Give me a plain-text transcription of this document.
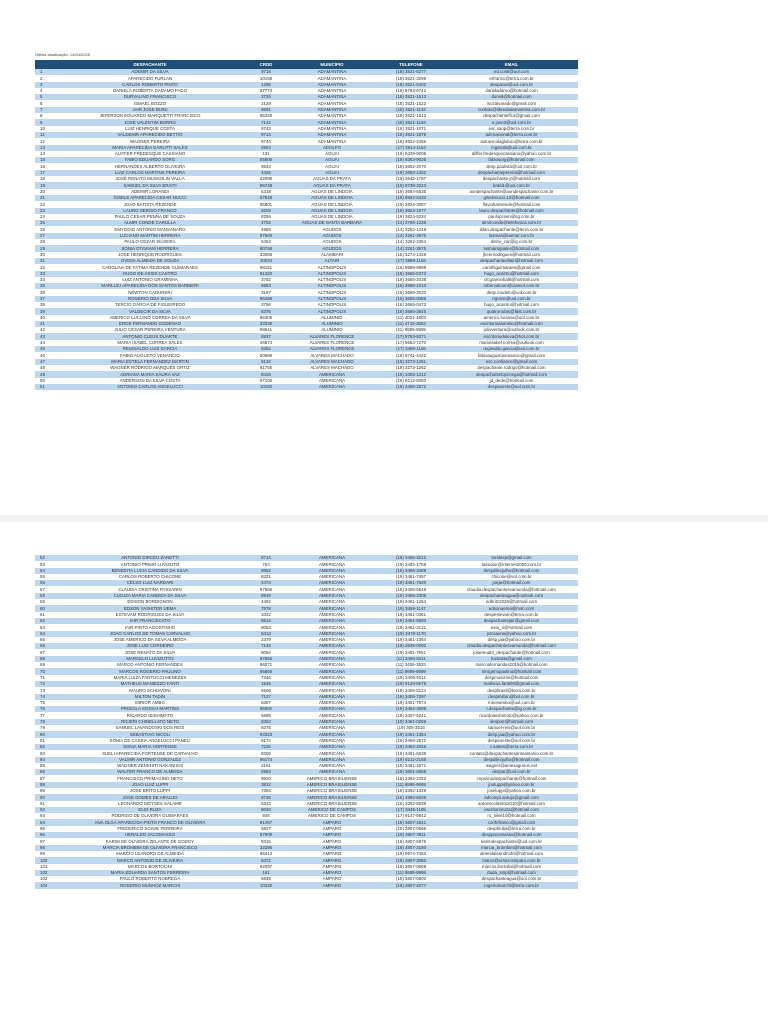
Última atualização: 14/04/2025
	DESPACHANTE	CRDD	MUNICÍPIO	TELEFONE	EMAIL
1	ADEMIR DA SILVA	9718	ADAMANTINA	(18) 3521-5277	ed.conti@uol.com
2	APARECIDO FURLAN	10158	ADAMANTINA	(18) 3521-3299	erfranco@terra.com.br
3	CARLOS ROBERTO PINTO	1286	ADAMANTINA	(18) 3521-5402	despacar@uol.com.br
4	DANIELA ROBERTA DADAMO FACO	27773	ADAMANTINA	(18) 9793-6742	danidadamo@hotmail.com
5	DURVALINO FRANCISCO	3726	ADAMANTINA	(18) 3521-1613	durval@hotmail.com
6	ISMAEL BOZZO	2128	ADAMANTINA	(18) 3521-1522	isozalvarado@gmail.com
7	JAIR JOSE BUINI	8691	ADAMANTINA	(18) 3521-1134	contato@libredadamantina.com.br
8	JEFERSON EDUARDO MARQUETTI FRANCISCO	95328	ADAMANTINA	(18) 3521-1613	despachanteffco@gmail.com
9	JOSE VALENTIM BORRO	7142	ADAMANTINA	(18) 3521-1193	e.jose3@uol.com.br
10	LUIZ HENRIQUE COSTA	8743	ADAMANTINA	(18) 3521-1071	esc.saop@terra.com.br
11	VALDENIR APARECIDO BETTIO	9714	ADAMANTINA	(18) 3521-1879	adt.nacional@terra.com.br
12	WAGNER PEREIRA	8744	ADAMANTINA	(18) 3522-2456	autoescolagloboo@terra.com.br
13	MARIA APARECIDA GARUTTI SALES	6963	ADOLFO	(17) 3814-1164	mgarutti@uol.com.br
14	ALIFFER FREDESQUE CASSIANO	131	AGUAI	(19) 9439-9006	aliffer.fredesquecassiano@yahoo.com.br
15	FABIO EDUARDO SORG	55806	AGUAI	(19) 9363-9026	fabiosorg@hotmail.com
16	HERNANDES ALBERTO OLIVEIRA	9543	AGUAI	(19) 3652-2070	desp.paulista@uol.com.br
17	LUIZ CARLOS MARTINS PEREIRA	4426	AGUAI	(19) 3652-1392	despachantepereira@hotmail.com
18	JOSÉ RENATO MUSSOLIN VALLA	22098	AGUAS DA PRATA	(19) 3642-1797	despachante-jr@hotmail.com
19	SAMUEL DA SILVA BRAITI	96748	AGUAS DA PRATA	(19) 9738-3223	braiti1@uol.com.br
20	ADEMIR LORANDI	5318	AGUAS DE LINDOIA	(19) 3684-6535	aondespachante@aondespachante.com.br
21	GISELE APARECIDA CESAR NUCCI	57848	AGUAS DE LINDOIA	(19) 9842-6432	giselenucci.12@hotmail.com
22	JOAO BATISTA REZENDE	95801	AGUAS DE LINDOIA	(19) 3824-3087	flaviohansende@hotmail.com
23	LAURO SERGIO FRANCO	8209	AGUAS DE LINDOIA	(19) 3824-1577	lauro.despachante@hotmail.com
24	PAULO CESAR PENNA DE SOUZA	8294	AGUAS DE LINDOIA	(19) 3824-5234	paulopcsen@itg.com.br
25	ALMIR CONDE CARULLA	4702	AGUAS DE SANTA BARBARA	(14) 3765-1238	almirconde@telefonica.com.br
26	EMYGDIO ANTONIO MANSANARO	4969	AGUDOS	(14) 3262-1248	ildan.despachante@terra.com.br
27	LUCIANO MARTIM HERRERA	97568	AGUDOS	(14) 3261-3975	lusmar@lusmar.com.br
28	PAULO CEZAR SILVEIRA	6463	AGUDOS	(14) 3262-2354	dinho_car@ig.com.br
29	SONIA OTAVIANI HERRERA	90768	AGUDOS	(14) 3261-3975	lusmarsgualer@hotmail.com
30	JOSE HENRIQUE RODRIGUES	33088	ALAMBARI	(15) 3274-1426	jhenrirodrigues@hotmail.com
31	OVIDIA ALMEIDA DE SOUZA	10034	ALTAIR	(17) 3889-1166	despachantealtair@hotmail.com
32	CAROLINA DE FATIMA REZENDE GUIMARAES	98151	ALTINOPOLIS	(16) 9999-9999	carolfsguimaraes@gmail.com
33	HUGO DE ASSIS CASTRO	91320	ALTINOPOLIS	(16) 3665-0473	hugo_acastro@hotmail.com
34	LUIZ ANTONIO GRAMINHA	3782	ALTINOPOLIS	(16) 3665-3438	cfcgraminhaltl@hotmail.com
35	MARLUCI APARECIDA DOS SANTOS BARBIERI	6963	ALTINOPOLIS	(16) 3665-1010	robervalcom@ciamol.com.br
36	NEWTON CADURERI	3187	ALTINOPOLIS	(16) 3665-2020	desp.modelo@uol.com.br
37	ROGERIO ODA SILVA	96488	ALTINOPOLIS	(16) 3665-0085	rigrone@uol.com.br
38	TERCIO GARCIA DE FIGUEIREDO	3756	ALTINOPOLIS	(16) 3665-0473	hugo_acastro@hotmail.com
39	VALDECIR DA SILVA	8376	ALTINOPOLIS	(16) 3665-3645	quatrorodas@fast.com.br
40	AMERICO LUCIANO CORREA DA SILVA	96305	ALUMINIO	(11) 4021-4803	americo.luciano@uol.com.br
41	EROS FERNANDO GODENAO	33339	ALUMINIO	(11) 4715-3652	escritorioaluminio@hotmail.com
42	JULIO CESAR PEREIRA VENTURA	98641	ALUMINIO	(11) 9999-9999	julioventura@outlook.com.br
43	ANTONIO CLEUS DUARTE	6937	ALVARES FLORENCE	(17) 9753-9371	escritorioduleva@hot.com.br
44	MARIA ISABEL CORREA SALES	26874	ALVARES FLORENCE	(17) 9654-7270	marioisabel.correa@outlook.com
45	REGINALDO LUIZ GARCIA	8352	ALVARES FLORENCE	(17) 3486-1186	reginaldo.garcia@uol.com.br
46	FABIO AUGUSTO VENANCIO	50989	ALVARES MACHADO	(18) 9741-4422	fabioaugustovenancio@gmail.com
47	MARIA ESTELA FERNANDEZ MARTIN	9134	ALVARES MACHADO	(18) 3273-1261	esc.confiance@gmail.com
48	WAGNER RODRIGO MARQUES ORTIZ	91756	ALVARES MACHADO	(18) 3273-1262	despachante.rodrigo@hotmail.com
49	ADRIANA MARIA SAURA VAZ	8428	AMERICANA	(19) 3406-1312	despachantelopcnega@hotmail.com
50	ANDERSON DA SILVA COSTA	97106	AMERICANA	(19) 9212-6083	jd_dede@hotmail.com
51	ANTONIO CARLOS ANGELUCCI	10160	AMERICANA	(19) 3468-2572	despaoeste@uol.com.br
52	ANTONIO DIRCEU ZANETTI	8714	AMERICANA	(19) 3406-3212	toridesp@gmail.com
53	ANTONIO PRIMO LUVIZUTO	763	AMERICANA	(19) 3462-1758	taimotor@internet2000.com.br
54	BENEDITA LUCIA CANDIDO DA SILVA	8852	AMERICANA	(19) 3406-3489	despdilecjulho@hotmail.com
55	CARLOS ROBERTO CHICONE	8321	AMERICANA	(19) 3461-7457	chicone@uol.com.br
56	CELSO LUIZ NARDARI	4473	AMERICANA	(19) 3461-7520	jorge@hotmail.com
57	CLAUDIA CRISTINA PASSARIN	97568	AMERICANA	(19) 3406-6649	claudia.despachantesvamunda@hotmail.com
58	CLEUZA MARIA CANDIDA DA SILVA	8848	AMERICANA	(19) 3455-3309	despachanteagua@outlook.com
59	EDISON BORDIGNON	4492	AMERICANA	(19) 3461-1254	edbritz2026@hotmail.com
60	EDSON YASHITER UEMA	7978	AMERICANA	(19) 3469-1147	edsonuema@msn.com
61	ESTEVAM RODRIGUES DA SILVA	3342	AMERICANA	(19) 3461-0361	despestevam@terra.com.br
62	IAIR FRANCISCATO	8513	AMERICANA	(19) 3461-5593	despachantejair@gmail.com
63	IAIR PINTO AGOSTINHO	8053	AMERICANA	(19) 3461-3121	extu_ri@hotmail.com
64	JOAO CARLOS DE TOMAS CARVALHO	5413	AMERICANA	(19) 3478-1170	jctcsavna@yahoo.com.br
65	JOSE AMERICO DA SILVA ALMEIDA	2379	AMERICANA	(19) 3461-1364	desp.jaa@yahoo.com.br
66	JOSE LUIZ CORDEIRO	7144	AMERICANA	(19) 3645-0090	claudia.despachantesvamunda@hotmail.com
67	JOSE RENATO DA SILVA	8054	AMERICANA	(19) 3461-7651	josereuato_despachante@hotmail.com
68	MARCELO LUVIZUTTO	97866	AMERICANA	(11) 3406-6011	luvizutto@gmail.com
69	MARCO ANTONIO FERNANDES	96071	AMERICANA	(11) 3406-3533	marcoafernandes2018@hotmail.com
70	MARCOS ROGERIO PAULINO	96866	AMERICANA	(11) 9999-9999	mrogeriopaulino@hotmail.com
71	MARIA LUIZA FANTUCCI MENEZES	7346	AMERICANA	(19) 3406-6011	despmusizim@hotmail.com
72	MATHEUS MANIEZZO FANTI	1545	AMERICANA	(19) 9128-6679	matheus.fanti00@gmail.com
73	MAURO SCHIAVONI	6506	AMERICANA	(19) 3406-6124	despbrasil@terra.com.br
74	MILTON TADIN	7127	AMERICANA	(19) 3406-7297	despmilton@bol.com.br
75	MIRIOR AMBO	6397	AMERICANA	(19) 3461-7574	mironambo@uol.com.br
76	PRISCILA SOSSAI MARTINS	95892	AMERICANA	(19) 3462-3698	r.despachante@ig.com.br
77	RICARDO IEISHIMATO	5695	AMERICANA	(19) 3407-5241	ricardoieishimoto@yahoo.com.br
78	RICIERI CHINELLATO NETO	8363	AMERICANA	(19) 3461-0259	desporr@hotmail.com
79	SAMUEL LAVANDOSKI DOS REIS	8375	AMERICANA	(19) 306-3516	samuel-reis@uol.com.br
80	SEBASTIAO NICOLI	93323	AMERICANA	(19) 3461-1364	desp.jaa@yahoo.com.br
81	SONIA DE CASSIA ANGELUCCI PANELI	8174	AMERICANA	(19) 3468-2572	despaoeste@uol.com.br
82	SONIA MARIA HORTENSE	7226	AMERICANA	(19) 3462-2046	c.sattes@terra.com.br
83	SUELI APARECIDA FORTENSE DE CARVALHO	8309	AMERICANA	(19) 3461-6638	contato@despachantesantoantonio.com.br
84	VALMIR ANTONIO GONZALEZ	96174	AMERICANA	(19) 9212-2165	despdilecjulho@hotmail.com
85	WAGNER ZENSHITI NAKANISHI	2191	AMERICANA	(19) 3461-4671	wagner@amesagunos.net
86	WALTER FRANCO DE ALMEIDA	6983	AMERICANA	(19) 3601-6558	despar@uol.com.br
87	FRANCISCO PRIMAGINO NETO	9920	AMERICO BRASILIENSE	(16) 3392-2253	cnpuimodespachante@hotmail.com
88	JOAO LUIZ LUPPI	3812	AMERICO BRASILIENSE	(11) 9999-9999	jnoluppi@yahoo.com.br
89	JOSE BRITO LUPPI	7394	AMERICO BRASILIENSE	(16) 3392-1329	joseluppi@yahoo.com.br
90	JOSE GOMES DE ARAUJO	9738	AMERICO BRASILIENSE	(16) 3392-6639	adcompi.araujo@gmail.com
91	LEONARDO MOYSES SALAME	6343	AMERICO BRASILIENSE	(16) 3392-6639	autoescolasles2010@hotmail.com
92	ELIO RUZA	8048	AMERICO DE CAMPOS	(17) 3445-1195	escritorioruza@hotmail.com
93	RODRIGO DE OLIVEIRA GUIMARAES	948	AMERICO DE CAMPOS	(17) 9147-6842	ro_silve10@hotmail.com
94	ANA OLGA APARECIDA PINTO FRANCO DE OLIVEIRA	91497	AMPARO	(19) 3807-4841	confefranco@gmail.com
95	FREDERICO SOAVE FERREIRA	6827	AMPARO	(19) 3807-0666	desphiuba@terra.com.br
96	HERALDO JACOMASSO	97909	AMPARO	(19) 3807-3811	desppacomasso@hotmail.com
97	KARIM DE OLIVEIRA ZELANTE DE GODOY	9315	AMPARO	(19) 3807-6976	karimdespachante@uol.com.br
98	MARCIA BROMBIM DE OLIVEIRA FRANCISCO	32286	AMPARO	(19) 3807-3180	marcia_brombim@hotmail.com
99	MARCIO LEANDRO DE ALMEIDA	96413	AMPARO	(19) 9974-7483	almeidaleandro40@hotmail.com
100	MARCO ANTONIO DE OLIVEIRA	8472	AMPARO	(19) 3807-3060	marco@ursas-amparo.com.br
101	MARCOS BORTOLINI	92097	AMPARO	(19) 3807-0668	marcos.bortolini@hotmail.com
102	MARIA EDUARDA SANTOS FERREIRA	161	AMPARO	(11) 9999-9999	duda_smp@hotmail.com
103	PAULO ROBERTO NOBREGA	6835	AMPARO	(19) 3807-6800	despachanteagua@uol.com.br
104	ROGERIO MUNHOZ MARCHI	10330	AMPARO	(19) 3807-4077	rogeriomarchi@terra.com.br
